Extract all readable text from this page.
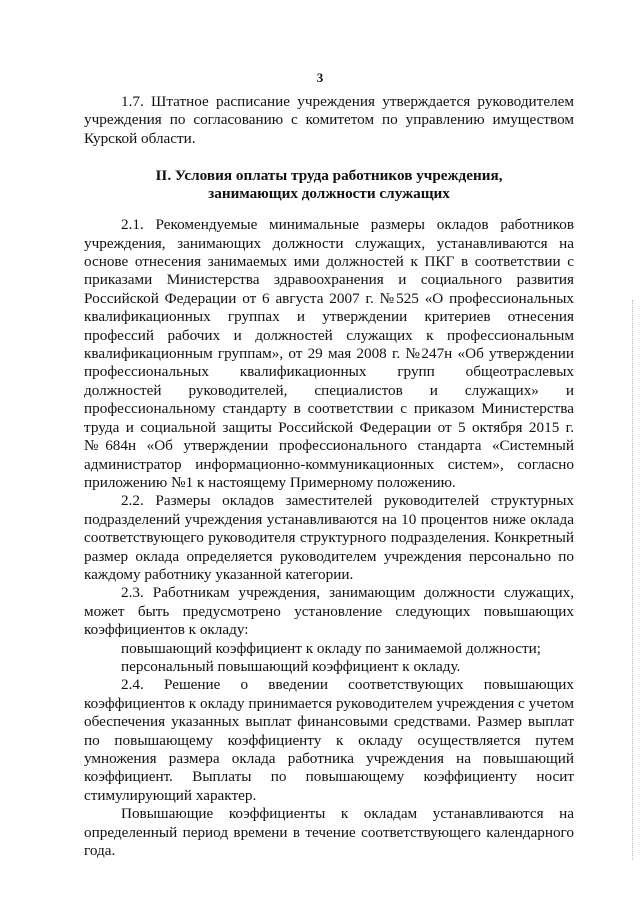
3

1.7. Штатное расписание учреждения утверждается руководителем учреждения по согласованию с комитетом по управлению имуществом Курской области.

II. Условия оплаты труда работников учреждения,
занимающих должности служащих

2.1. Рекомендуемые минимальные размеры окладов работников учреждения, занимающих должности служащих, устанавливаются на основе отнесения занимаемых ими должностей к ПКГ в соответствии с приказами Министерства здравоохранения и социального развития Российской Федерации от 6 августа 2007 г. №525 «О профессиональных квалификационных группах и утверждении критериев отнесения профессий рабочих и должностей служащих к профессиональным квалификационным группам», от 29 мая 2008 г. №247н «Об утверждении профессиональных квалификационных групп общеотраслевых должностей руководителей, специалистов и служащих» и профессиональному стандарту в соответствии с приказом Министерства труда и социальной защиты Российской Федерации от 5 октября 2015 г. №684н «Об утверждении профессионального стандарта «Системный администратор информационно-коммуникационных систем», согласно приложению №1 к настоящему Примерному положению.

2.2. Размеры окладов заместителей руководителей структурных подразделений учреждения устанавливаются на 10 процентов ниже оклада соответствующего руководителя структурного подразделения. Конкретный размер оклада определяется руководителем учреждения персонально по каждому работнику указанной категории.

2.3. Работникам учреждения, занимающим должности служащих, может быть предусмотрено установление следующих повышающих коэффициентов к окладу:

повышающий коэффициент к окладу по занимаемой должности;

персональный повышающий коэффициент к окладу.

2.4. Решение о введении соответствующих повышающих коэффициентов к окладу принимается руководителем учреждения с учетом обеспечения указанных выплат финансовыми средствами. Размер выплат по повышающему коэффициенту к окладу осуществляется путем умножения размера оклада работника учреждения на повышающий коэффициент. Выплаты по повышающему коэффициенту носит стимулирующий характер.

Повышающие коэффициенты к окладам устанавливаются на определенный период времени в течение соответствующего календарного года.
